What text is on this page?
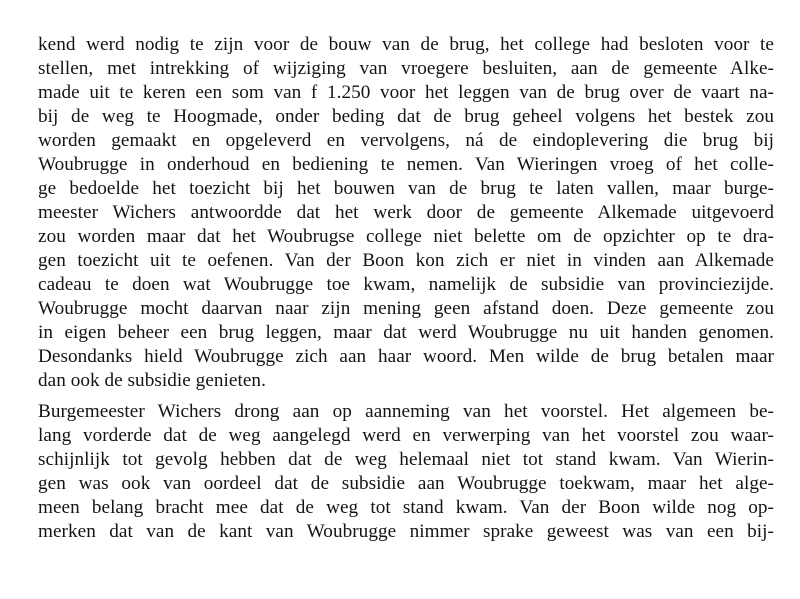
kend werd nodig te zijn voor de bouw van de brug, het college had besloten voor te
stellen, met intrekking of wijziging van vroegere besluiten, aan de gemeente Alke-
made uit te keren een som van f 1.250 voor het leggen van de brug over de vaart na-
bij de weg te Hoogmade, onder beding dat de brug geheel volgens het bestek zou
worden gemaakt en opgeleverd en vervolgens, ná de eindoplevering die brug bij
Woubrugge in onderhoud en bediening te nemen. Van Wieringen vroeg of het colle-
ge bedoelde het toezicht bij het bouwen van de brug te laten vallen, maar burge-
meester Wichers antwoordde dat het werk door de gemeente Alkemade uitgevoerd
zou worden maar dat het Woubrugse college niet belette om de opzichter op te dra-
gen toezicht uit te oefenen. Van der Boon kon zich er niet in vinden aan Alkemade
cadeau te doen wat Woubrugge toe kwam, namelijk de subsidie van provinciezijde.
Woubrugge mocht daarvan naar zijn mening geen afstand doen. Deze gemeente zou
in eigen beheer een brug leggen, maar dat werd Woubrugge nu uit handen genomen.
Desondanks hield Woubrugge zich aan haar woord. Men wilde de brug betalen maar
dan ook de subsidie genieten.
Burgemeester Wichers drong aan op aanneming van het voorstel. Het algemeen be-
lang vorderde dat de weg aangelegd werd en verwerping van het voorstel zou waar-
schijnlijk tot gevolg hebben dat de weg helemaal niet tot stand kwam. Van Wierin-
gen was ook van oordeel dat de subsidie aan Woubrugge toekwam, maar het alge-
meen belang bracht mee dat de weg tot stand kwam. Van der Boon wilde nog op-
merken dat van de kant van Woubrugge nimmer sprake geweest was van een bij-
